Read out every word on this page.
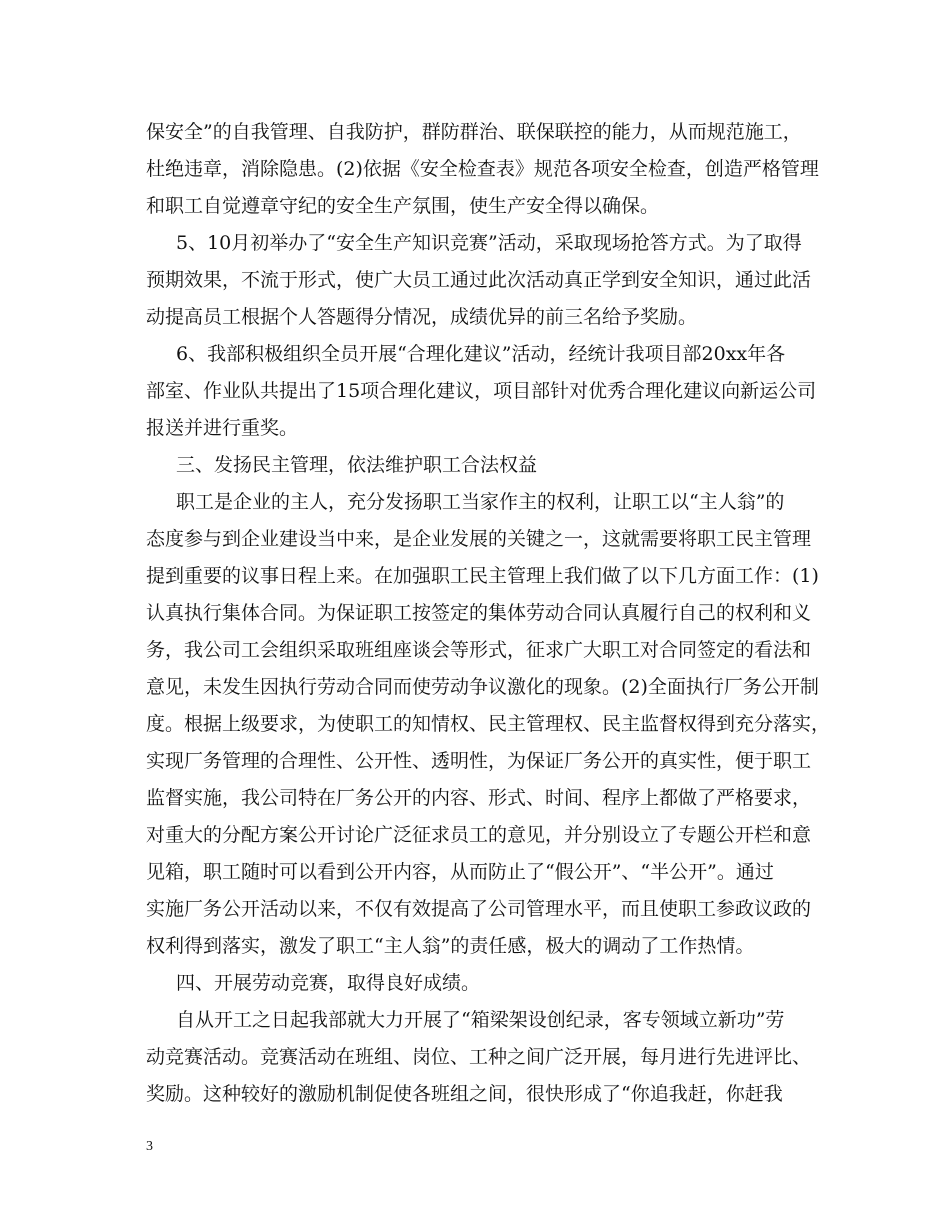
保安全”的自我管理、自我防护，群防群治、联保联控的能力，从而规范施工，
杜绝违章，消除隐患。(2)依据《安全检查表》规范各项安全检查，创造严格管理
和职工自觉遵章守纪的安全生产氛围，使生产安全得以确保。
5、10月初举办了“安全生产知识竞赛”活动，采取现场抢答方式。为了取得
预期效果，不流于形式，使广大员工通过此次活动真正学到安全知识，通过此活
动提高员工根据个人答题得分情况，成绩优异的前三名给予奖励。
6、我部积极组织全员开展“合理化建议”活动，经统计我项目部20xx年各
部室、作业队共提出了15项合理化建议，项目部针对优秀合理化建议向新运公司
报送并进行重奖。
三、发扬民主管理，依法维护职工合法权益
职工是企业的主人，充分发扬职工当家作主的权利，让职工以“主人翁”的
态度参与到企业建设当中来，是企业发展的关键之一，这就需要将职工民主管理
提到重要的议事日程上来。在加强职工民主管理上我们做了以下几方面工作：(1)
认真执行集体合同。为保证职工按签定的集体劳动合同认真履行自己的权利和义
务，我公司工会组织采取班组座谈会等形式，征求广大职工对合同签定的看法和
意见，未发生因执行劳动合同而使劳动争议激化的现象。(2)全面执行厂务公开制
度。根据上级要求，为使职工的知情权、民主管理权、民主监督权得到充分落实，
实现厂务管理的合理性、公开性、透明性，为保证厂务公开的真实性，便于职工
监督实施，我公司特在厂务公开的内容、形式、时间、程序上都做了严格要求，
对重大的分配方案公开讨论广泛征求员工的意见，并分别设立了专题公开栏和意
见箱，职工随时可以看到公开内容，从而防止了“假公开”、“半公开”。通过
实施厂务公开活动以来，不仅有效提高了公司管理水平，而且使职工参政议政的
权利得到落实，激发了职工“主人翁”的责任感，极大的调动了工作热情。
四、开展劳动竞赛，取得良好成绩。
自从开工之日起我部就大力开展了“箱梁架设创纪录，客专领域立新功”劳
动竞赛活动。竞赛活动在班组、岗位、工种之间广泛开展，每月进行先进评比、
奖励。这种较好的激励机制促使各班组之间，很快形成了“你追我赶，你赶我
3
